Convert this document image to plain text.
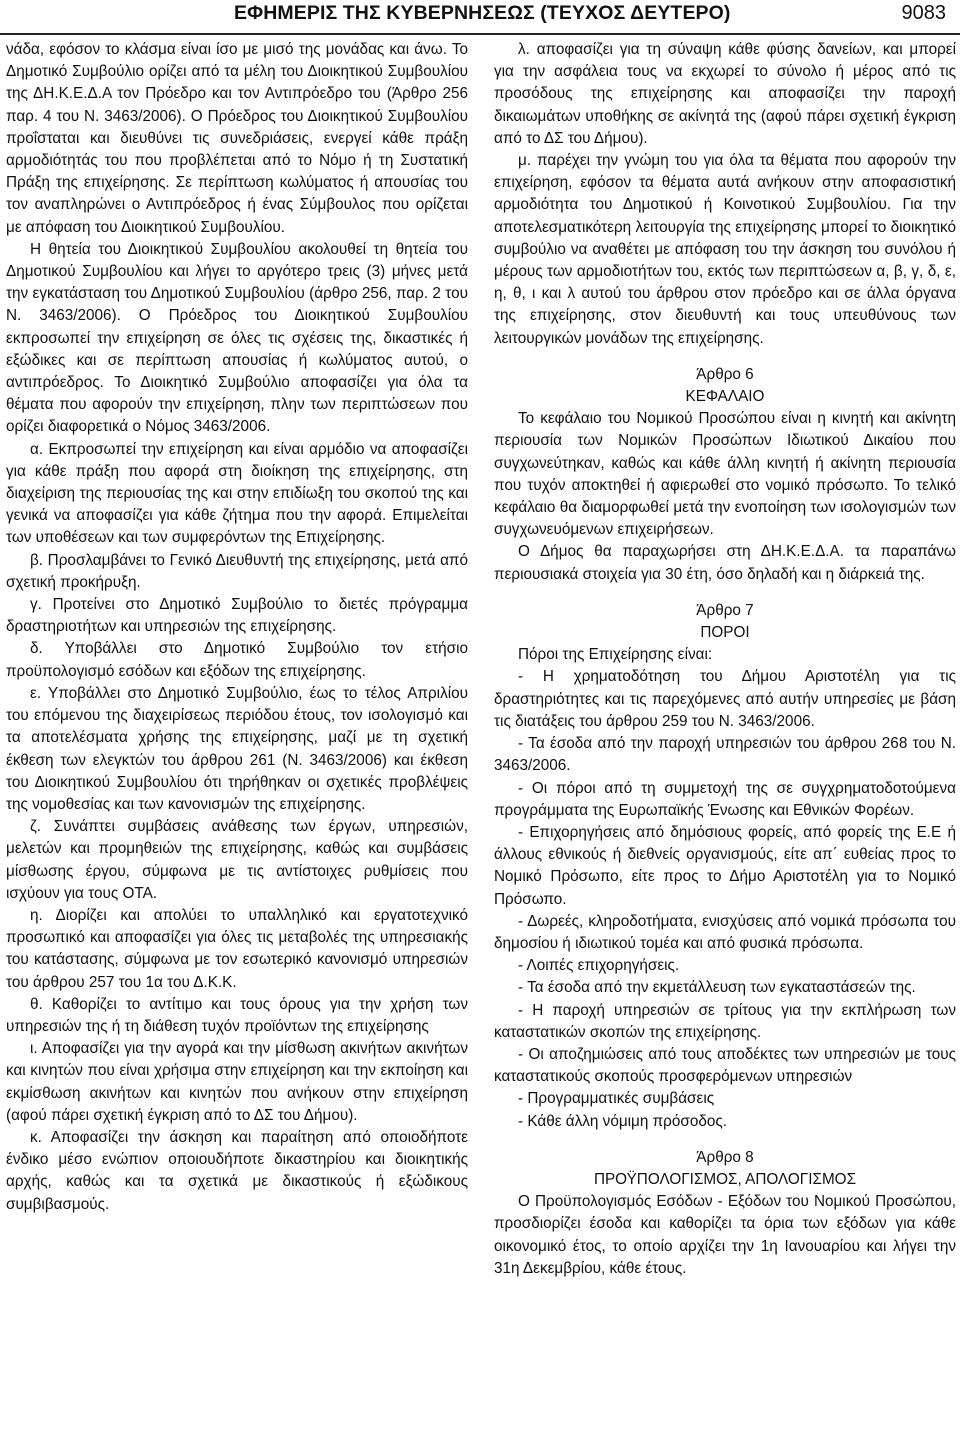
ΕΦΗΜΕΡΙΣ ΤΗΣ ΚΥΒΕΡΝΗΣΕΩΣ (ΤΕΥΧΟΣ ΔΕΥΤΕΡΟ)	9083

νάδα, εφόσον το κλάσμα είναι ίσο με μισό της μονάδας και άνω. Το Δημοτικό Συμβούλιο ορίζει από τα μέλη του Διοικητικού Συμβουλίου της ΔΗ.Κ.Ε.Δ.Α τον Πρόεδρο και τον Αντιπρόεδρο του (Άρθρο 256 παρ. 4 του Ν. 3463/2006). Ο Πρόεδρος του Διοικητικού Συμβουλίου προΐσταται και διευθύνει τις συνεδριάσεις, ενεργεί κάθε πράξη αρμοδιότητάς του που προβλέπεται από το Νόμο ή τη Συστατική Πράξη της επιχείρησης. Σε περίπτωση κωλύματος ή απουσίας του τον αναπληρώνει ο Αντιπρόεδρος ή ένας Σύμβουλος που ορίζεται με απόφαση του Διοικητικού Συμβουλίου.

Η θητεία του Διοικητικού Συμβουλίου ακολουθεί τη θητεία του Δημοτικού Συμβουλίου και λήγει το αργότερο τρεις (3) μήνες μετά την εγκατάσταση του Δημοτικού Συμβουλίου (άρθρο 256, παρ. 2 του Ν. 3463/2006). Ο Πρόεδρος του Διοικητικού Συμβουλίου εκπροσωπεί την επιχείρηση σε όλες τις σχέσεις της, δικαστικές ή εξώδικες και σε περίπτωση απουσίας ή κωλύματος αυτού, ο αντιπρόεδρος. Το Διοικητικό Συμβούλιο αποφασίζει για όλα τα θέματα που αφορούν την επιχείρηση, πλην των περιπτώσεων που ορίζει διαφορετικά ο Νόμος 3463/2006.

α. Εκπροσωπεί την επιχείρηση και είναι αρμόδιο να αποφασίζει για κάθε πράξη που αφορά στη διοίκηση της επιχείρησης, στη διαχείριση της περιουσίας της και στην επιδίωξη του σκοπού της και γενικά να αποφασίζει για κάθε ζήτημα που την αφορά. Επιμελείται των υποθέσεων και των συμφερόντων της Επιχείρησης.

β. Προσλαμβάνει το Γενικό Διευθυντή της επιχείρησης, μετά από σχετική προκήρυξη.

γ. Προτείνει στο Δημοτικό Συμβούλιο το διετές πρόγραμμα δραστηριοτήτων και υπηρεσιών της επιχείρησης.

δ. Υποβάλλει στο Δημοτικό Συμβούλιο τον ετήσιο προϋπολογισμό εσόδων και εξόδων της επιχείρησης.

ε. Υποβάλλει στο Δημοτικό Συμβούλιο, έως το τέλος Απριλίου του επόμενου της διαχειρίσεως περιόδου έτους, τον ισολογισμό και τα αποτελέσματα χρήσης της επιχείρησης, μαζί με τη σχετική έκθεση των ελεγκτών του άρθρου 261 (Ν. 3463/2006) και έκθεση του Διοικητικού Συμβουλίου ότι τηρήθηκαν οι σχετικές προβλέψεις της νομοθεσίας και των κανονισμών της επιχείρησης.

ζ. Συνάπτει συμβάσεις ανάθεσης των έργων, υπηρεσιών, μελετών και προμηθειών της επιχείρησης, καθώς και συμβάσεις μίσθωσης έργου, σύμφωνα με τις αντίστοιχες ρυθμίσεις που ισχύουν για τους ΟΤΑ.

η. Διορίζει και απολύει το υπαλληλικό και εργατοτεχνικό προσωπικό και αποφασίζει για όλες τις μεταβολές της υπηρεσιακής του κατάστασης, σύμφωνα με τον εσωτερικό κανονισμό υπηρεσιών του άρθρου 257 του 1α του Δ.Κ.Κ.

θ. Καθορίζει το αντίτιμο και τους όρους για την χρήση των υπηρεσιών της ή τη διάθεση τυχόν προϊόντων της επιχείρησης

ι. Αποφασίζει για την αγορά και την μίσθωση ακινήτων ακινήτων και κινητών που είναι χρήσιμα στην επιχείρηση και την εκποίηση και εκμίσθωση ακινήτων και κινητών που ανήκουν στην επιχείρηση (αφού πάρει σχετική έγκριση από το ΔΣ του Δήμου).

κ. Αποφασίζει την άσκηση και παραίτηση από οποιοδήποτε ένδικο μέσο ενώπιον οποιουδήποτε δικαστηρίου και διοικητικής αρχής, καθώς και τα σχετικά με δικαστικούς ή εξώδικους συμβιβασμούς.

λ. αποφασίζει για τη σύναψη κάθε φύσης δανείων, και μπορεί για την ασφάλεια τους να εκχωρεί το σύνολο ή μέρος από τις προσόδους της επιχείρησης και αποφασίζει την παροχή δικαιωμάτων υποθήκης σε ακίνητά της (αφού πάρει σχετική έγκριση από το ΔΣ του Δήμου).

μ. παρέχει την γνώμη του για όλα τα θέματα που αφορούν την επιχείρηση, εφόσον τα θέματα αυτά ανήκουν στην αποφασιστική αρμοδιότητα του Δημοτικού ή Κοινοτικού Συμβουλίου. Για την αποτελεσματικότερη λειτουργία της επιχείρησης μπορεί το διοικητικό συμβούλιο να αναθέτει με απόφαση του την άσκηση του συνόλου ή μέρους των αρμοδιοτήτων του, εκτός των περιπτώσεων α, β, γ, δ, ε, η, θ, ι και λ αυτού του άρθρου στον πρόεδρο και σε άλλα όργανα της επιχείρησης, στον διευθυντή και τους υπευθύνους των λειτουργικών μονάδων της επιχείρησης.

Άρθρο 6
ΚΕΦΑΛΑΙΟ

Το κεφάλαιο του Νομικού Προσώπου είναι η κινητή και ακίνητη περιουσία των Νομικών Προσώπων Ιδιωτικού Δικαίου που συγχωνεύτηκαν, καθώς και κάθε άλλη κινητή ή ακίνητη περιουσία που τυχόν αποκτηθεί ή αφιερωθεί στο νομικό πρόσωπο. Το τελικό κεφάλαιο θα διαμορφωθεί μετά την ενοποίηση των ισολογισμών των συγχωνευόμενων επιχειρήσεων.

Ο Δήμος θα παραχωρήσει στη ΔΗ.Κ.Ε.Δ.Α. τα παραπάνω περιουσιακά στοιχεία για 30 έτη, όσο δηλαδή και η διάρκειά της.

Άρθρο 7
ΠΟΡΟΙ

Πόροι της Επιχείρησης είναι:

- Η χρηματοδότηση του Δήμου Αριστοτέλη για τις δραστηριότητες και τις παρεχόμενες από αυτήν υπηρεσίες με βάση τις διατάξεις του άρθρου 259 του Ν. 3463/2006.

- Τα έσοδα από την παροχή υπηρεσιών του άρθρου 268 του Ν. 3463/2006.

- Οι πόροι από τη συμμετοχή της σε συγχρηματοδοτούμενα προγράμματα της Ευρωπαϊκής Ένωσης και Εθνικών Φορέων.

- Επιχορηγήσεις από δημόσιους φορείς, από φορείς της Ε.Ε ή άλλους εθνικούς ή διεθνείς οργανισμούς, είτε απ΄ ευθείας προς το Νομικό Πρόσωπο, είτε προς το Δήμο Αριστοτέλη για το Νομικό Πρόσωπο.

- Δωρεές, κληροδοτήματα, ενισχύσεις από νομικά πρόσωπα του δημοσίου ή ιδιωτικού τομέα και από φυσικά πρόσωπα.

- Λοιπές επιχορηγήσεις.

- Τα έσοδα από την εκμετάλλευση των εγκαταστάσεών της.

- Η παροχή υπηρεσιών σε τρίτους για την εκπλήρωση των καταστατικών σκοπών της επιχείρησης.

- Οι αποζημιώσεις από τους αποδέκτες των υπηρεσιών με τους καταστατικούς σκοπούς προσφερόμενων υπηρεσιών

- Προγραμματικές συμβάσεις

- Κάθε άλλη νόμιμη πρόσοδος.

Άρθρο 8
ΠΡΟΫΠΟΛΟΓΙΣΜΟΣ, ΑΠΟΛΟΓΙΣΜΟΣ

Ο Προϋπολογισμός Εσόδων - Εξόδων του Νομικού Προσώπου, προσδιορίζει έσοδα και καθορίζει τα όρια των εξόδων για κάθε οικονομικό έτος, το οποίο αρχίζει την 1η Ιανουαρίου και λήγει την 31η Δεκεμβρίου, κάθε έτους.
